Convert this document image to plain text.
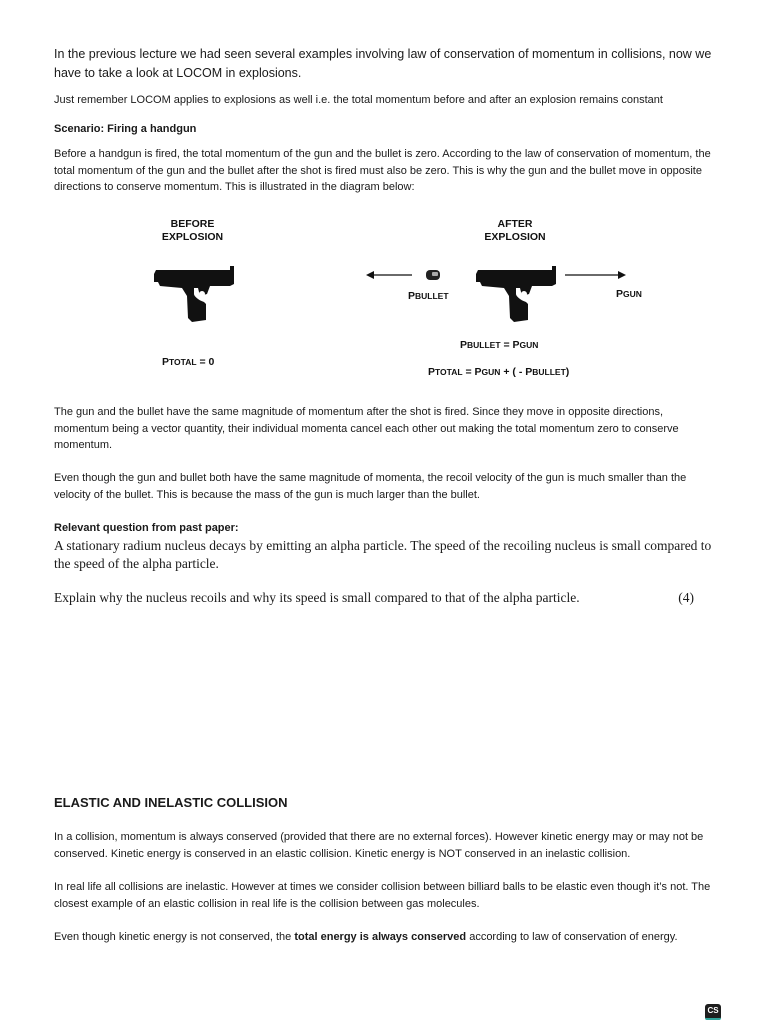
In the previous lecture we had seen several examples involving law of conservation of momentum in collisions, now we have to take a look at LOCOM in explosions.

Just remember LOCOM applies to explosions as well i.e. the total momentum before and after an explosion remains constant

Scenario: Firing a handgun

Before a handgun is fired, the total momentum of the gun and the bullet is zero. According to the law of conservation of momentum, the total momentum of the gun and the bullet after the shot is fired must also be zero. This is why the gun and the bullet move in opposite directions to conserve momentum. This is illustrated in the diagram below:

BEFORE
EXPLOSION
AFTER
EXPLOSION
PBULLET	PGUN
PTOTAL = 0
PBULLET = PGUN
PTOTAL = PGUN + ( - PBULLET)

The gun and the bullet have the same magnitude of momentum after the shot is fired. Since they move in opposite directions, momentum being a vector quantity, their individual momenta cancel each other out making the total momentum zero to conserve momentum.

Even though the gun and bullet both have the same magnitude of momenta, the recoil velocity of the gun is much smaller than the velocity of the bullet. This is because the mass of the gun is much larger than the bullet.

Relevant question from past paper:

A stationary radium nucleus decays by emitting an alpha particle. The speed of the recoiling nucleus is small compared to the speed of the alpha particle.

Explain why the nucleus recoils and why its speed is small compared to that of the alpha particle.	(4)

ELASTIC AND INELASTIC COLLISION

In a collision, momentum is always conserved (provided that there are no external forces). However kinetic energy may or may not be conserved. Kinetic energy is conserved in an elastic collision. Kinetic energy is NOT conserved in an inelastic collision.

In real life all collisions are inelastic. However at times we consider collision between billiard balls to be elastic even though it’s not. The closest example of an elastic collision in real life is the collision between gas molecules.

Even though kinetic energy is not conserved, the total energy is always conserved according to law of conservation of energy.

CS
